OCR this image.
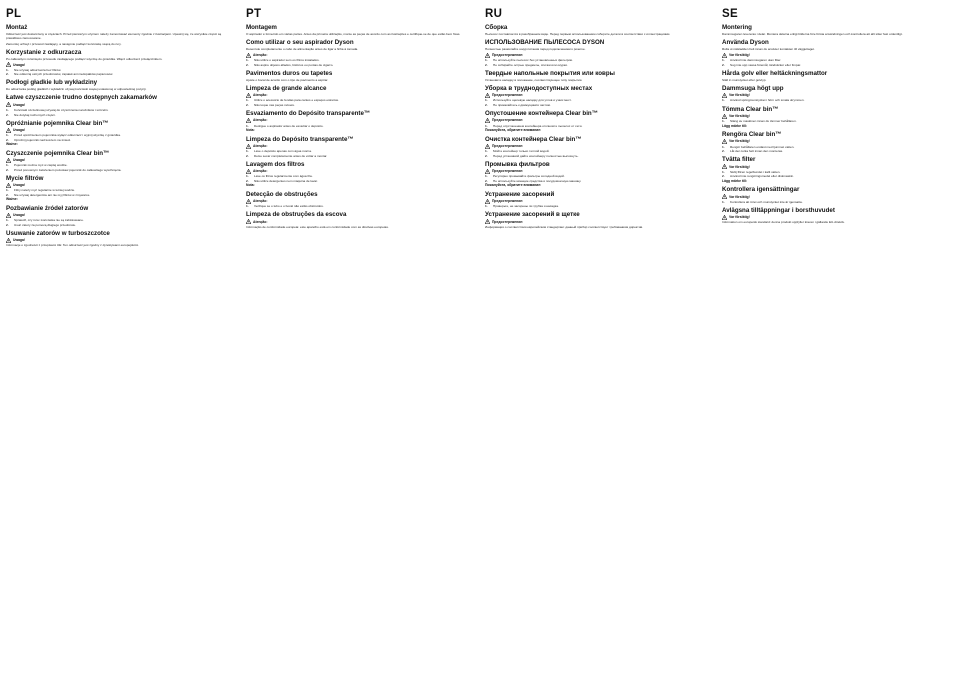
PL
Montaż
Odkurzacz jest dostarczany w częściach. Przed pierwszym użyciem należy zamontować elementy zgodnie z ilustracjami. Upewnij się, że wszystkie części są prawidłowo zamocowane.
Zamontuj uchwyt i przewód zasilający, a następnie podłącz końcówkę ssącą do rury.
Korzystanie z odkurzacza
Po całkowitym rozwinięciu przewodu zasilającego podłącz wtyczkę do gniazdka. Włącz odkurzacz przełącznikiem.
Uwaga!
1.	Nie używaj odkurzacza bez filtrów.
2.	Nie odkurzaj ostrych przedmiotów, zapałek ani niedopałków papierosów.
Podłogi gładkie lub wykładziny
Do odkurzania podłóg gładkich i wykładzin używaj końcówki ssącej ustawionej w odpowiedniej pozycji.
Łatwe czyszczenie trudno dostępnych zakamarków
Uwaga!
1.	Końcówki szczelinowej używaj do czyszczenia narożników i szczelin.
2.	Nie dotykaj ruchomych części.
Opróżnianie pojemnika Clear bin™
Uwaga!
1.	Przed opróżnieniem pojemnika wyłącz odkurzacz i wyjmij wtyczkę z gniazdka.
2.	Opróżnij pojemnik nad koszem na śmieci.
Ważne:
Czyszczenie pojemnika Clear bin™
Uwaga!
1.	Pojemnik można myć w ciepłej wodzie.
2.	Przed ponownym założeniem pozostaw pojemnik do całkowitego wyschnięcia.
Mycie filtrów
Uwaga!
1.	Filtry należy myć regularnie w letniej wodzie.
2.	Nie używaj detergentów ani nie myj filtrów w zmywarce.
Ważne:
Pozbawianie źródeł zatorów
Uwaga!
1.	Sprawdź, czy rura i końcówka nie są zablokowane.
2.	Usuń zatory za pomocą długiego przedmiotu.
Usuwanie zatorów w turboszczotce
Uwaga!
Informacje o zgodności z przepisami UE: Ten odkurzacz jest zgodny z dyrektywami europejskimi.
PT
Montagem
O aspirador é fornecido em várias partes. Antes da primeira utilização, monte as peças de acordo com as ilustrações e certifique-se de que estão bem fixas.
Como utilizar o seu aspirador Dyson
Desenrole completamente o cabo de alimentação antes de ligar a ficha à tomada.
Atenção:
1.	Não utilize o aspirador sem os filtros instalados.
2.	Não aspire objetos afiados, fósforos ou pontas de cigarro.
Pavimentos duros ou tapetes
Ajuste o bocal de acordo com o tipo de pavimento a aspirar.
Limpeza de grande alcance
Atenção:
1.	Utilize o acessório de fendas para cantos e espaços estreitos.
2.	Não toque nas peças móveis.
Esvaziamento do Depósito transparente™
Atenção:
1.	Desligue o aspirador antes de esvaziar o depósito.
Nota:
Limpeza do Depósito transparente™
Atenção:
1.	Lave o depósito apenas com água morna.
2.	Deixe secar completamente antes de voltar a montar.
Lavagem dos filtros
Atenção:
1.	Lave os filtros regularmente com água fria.
2.	Não utilize detergentes nem máquina de lavar.
Nota:
Detecção de obstruções
Atenção:
1.	Verifique se o tubo e o bocal não estão obstruídos.
Limpeza de obstruções da escova
Atenção:
Informação de conformidade europeia: este aparelho está em conformidade com as diretivas europeias.
RU
Сборка
Пылесос поставляется в разобранном виде. Перед первым использованием соберите детали в соответствии с иллюстрациями.
ИСПОЛЬЗОВАНИЕ ПЫЛЕСОСА DYSON
Полностью размотайте шнур питания перед подключением к розетке.
Предостережение:
1.	Не используйте пылесос без установленных фильтров.
2.	Не собирайте острые предметы, спички или окурки.
Твердые напольные покрытия или ковры
Установите насадку в положение, соответствующее типу покрытия.
Уборка в труднодоступных местах
Предостережение:
1.	Используйте щелевую насадку для углов и узких мест.
2.	Не прикасайтесь к движущимся частям.
Опустошение контейнера Clear bin™
Предостережение:
1.	Перед опустошением контейнера отключите пылесос от сети.
Пожалуйста, обратите внимание:
Очистка контейнера Clear bin™
Предостережение:
1.	Мойте контейнер только теплой водой.
2.	Перед установкой дайте контейнеру полностью высохнуть.
Промывка фильтров
Предостережение:
1.	Регулярно промывайте фильтры холодной водой.
2.	Не используйте моющие средства и посудомоечную машину.
Пожалуйста, обратите внимание:
Устранение засорений
Предостережение:
1.	Проверьте, не засорены ли трубка и насадка.
Устранение засорений в щетке
Предостережение:
Информация о соответствии европейским стандартам: данный прибор соответствует требованиям директив.
SE
Montering
Dammsugaren levereras i delar. Montera delarna enligt bilderna före första användningen och kontrollera att allt sitter fast ordentligt.
Använda Dyson
Rulla ut nätsladden helt innan du ansluter kontakten till vägguttaget.
Var försiktig!
1.	Använd inte dammsugaren utan filter.
2.	Sug inte upp vassa föremål, tändstickor eller fimpar.
Hårda golv eller heltäckningsmattor
Ställ in munstycket efter golvtyp.
Dammsuga högt upp
Var försiktig!
1.	Använd springmunstycket i hörn och smala utrymmen.
Tömma Clear bin™
Var försiktig!
1.	Stäng av maskinen innan du tömmer behållaren.
Lägg märke till:
Rengöra Clear bin™
Var försiktig!
1.	Rengör behållaren endast med ljummet vatten.
2.	Låt den torka helt innan den monteras.
Tvätta filter
Var försiktig!
1.	Skölj filtren regelbundet i kallt vatten.
2.	Använd inte rengöringsmedel eller diskmaskin.
Lägg märke till:
Kontrollera igensättningar
Var försiktig!
1.	Kontrollera att röret och munstycket inte är igensatta.
Avlägsna tilltäppningar i borsthuvudet
Var försiktig!
Information om europeisk standard: denna produkt uppfyller kraven i gällande EU-direktiv.
